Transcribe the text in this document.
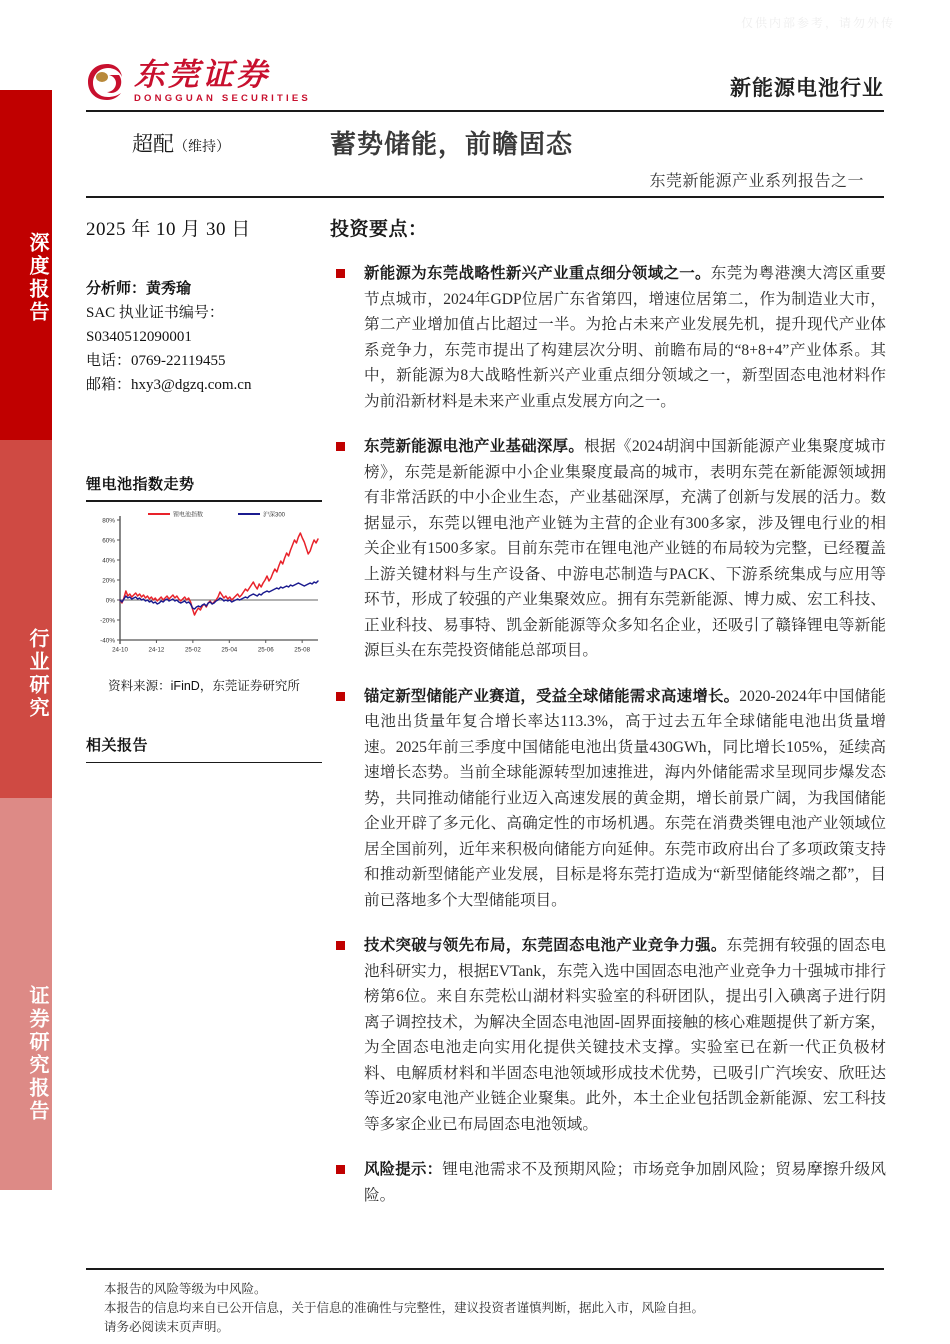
仅供内部参考，请勿外传
深度报告
行业研究
证券研究报告
东莞证券
DONGGUAN SECURITIES	新能源电池行业
超配（维持）	蓄势储能，前瞻固态
东莞新能源产业系列报告之一
2025 年 10 月 30 日
分析师：黄秀瑜
SAC 执业证书编号：
S0340512090001
电话：0769-22119455
邮箱：hxy3@dgzq.com.cn
锂电池指数走势
80%
60%
40%
20%
0%
-20%
-40%
24-10	24-12	25-02	25-04	25-06	25-08
锂电池指数	沪深300
资料来源：iFinD，东莞证券研究所
相关报告
投资要点：
新能源为东莞战略性新兴产业重点细分领域之一。东莞为粤港澳大湾区重要节点城市，2024年GDP位居广东省第四，增速位居第二，作为制造业大市，第二产业增加值占比超过一半。为抢占未来产业发展先机，提升现代产业体系竞争力，东莞市提出了构建层次分明、前瞻布局的“8+8+4”产业体系。其中，新能源为8大战略性新兴产业重点细分领域之一，新型固态电池材料作为前沿新材料是未来产业重点发展方向之一。
东莞新能源电池产业基础深厚。根据《2024胡润中国新能源产业集聚度城市榜》，东莞是新能源中小企业集聚度最高的城市，表明东莞在新能源领域拥有非常活跃的中小企业生态，产业基础深厚，充满了创新与发展的活力。数据显示，东莞以锂电池产业链为主营的企业有300多家，涉及锂电行业的相关企业有1500多家。目前东莞市在锂电池产业链的布局较为完整，已经覆盖上游关键材料与生产设备、中游电芯制造与PACK、下游系统集成与应用等环节，形成了较强的产业集聚效应。拥有东莞新能源、博力威、宏工科技、正业科技、易事特、凯金新能源等众多知名企业，还吸引了赣锋锂电等新能源巨头在东莞投资储能总部项目。
锚定新型储能产业赛道，受益全球储能需求高速增长。2020-2024年中国储能电池出货量年复合增长率达113.3%，高于过去五年全球储能电池出货量增速。2025年前三季度中国储能电池出货量430GWh，同比增长105%，延续高速增长态势。当前全球能源转型加速推进，海内外储能需求呈现同步爆发态势，共同推动储能行业迈入高速发展的黄金期，增长前景广阔，为我国储能企业开辟了多元化、高确定性的市场机遇。东莞在消费类锂电池产业领域位居全国前列，近年来积极向储能方向延伸。东莞市政府出台了多项政策支持和推动新型储能产业发展，目标是将东莞打造成为“新型储能终端之都”，目前已落地多个大型储能项目。
技术突破与领先布局，东莞固态电池产业竞争力强。东莞拥有较强的固态电池科研实力，根据EVTank，东莞入选中国固态电池产业竞争力十强城市排行榜第6位。来自东莞松山湖材料实验室的科研团队，提出引入碘离子进行阴离子调控技术，为解决全固态电池固-固界面接触的核心难题提供了新方案，为全固态电池走向实用化提供关键技术支撑。实验室已在新一代正负极材料、电解质材料和半固态电池领域形成技术优势，已吸引广汽埃安、欣旺达等近20家电池产业链企业聚集。此外，本土企业包括凯金新能源、宏工科技等多家企业已布局固态电池领域。
风险提示：锂电池需求不及预期风险；市场竞争加剧风险；贸易摩擦升级风险。
本报告的风险等级为中风险。
本报告的信息均来自已公开信息，关于信息的准确性与完整性，建议投资者谨慎判断，据此入市，风险自担。
请务必阅读末页声明。
